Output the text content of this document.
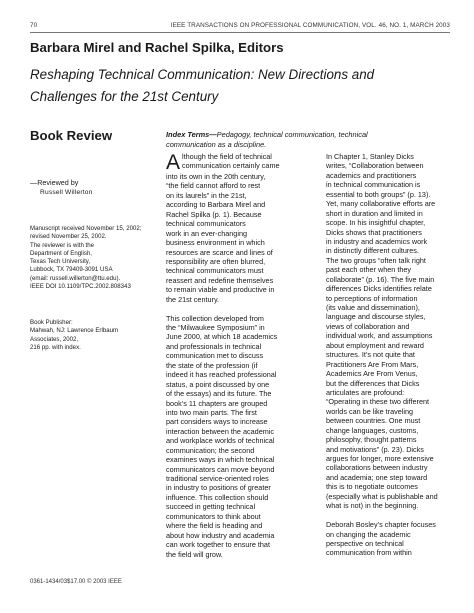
70	IEEE TRANSACTIONS ON PROFESSIONAL COMMUNICATION, VOL. 46, NO. 1, MARCH 2003
Barbara Mirel and Rachel Spilka, Editors
Reshaping Technical Communication: New Directions and
Challenges for the 21st Century
Book Review	Index Terms—Pedagogy, technical communication, technical communication as a discipline.
—Reviewed by
Russell Willerton
Manuscript received November 15, 2002;
revised November 25, 2002.
The reviewer is with the
Department of English,
Texas Tech University,
Lubbock, TX 79409-3091 USA
(email: russell.willerton@ttu.edu).
IEEE DOI 10.1109/TPC.2002.808343
Book Publisher:
Mahwah, NJ: Lawrence Erlbaum
Associates, 2002,
216 pp. with index.
A lthough the field of technical
communication certainly came
into its own in the 20th century,
“the field cannot afford to rest
on its laurels” in the 21st,
according to Barbara Mirel and
Rachel Spilka (p. 1). Because
technical communicators
work in an ever-changing
business environment in which
resources are scarce and lines of
responsibility are often blurred,
technical communicators must
reassert and redefine themselves
to remain viable and productive in
the 21st century.
This collection developed from
the “Milwaukee Symposium” in
June 2000, at which 18 academics
and professionals in technical
communication met to discuss
the state of the profession (if
indeed it has reached professional
status, a point discussed by one
of the essays) and its future. The
book’s 11 chapters are grouped
into two main parts. The first
part considers ways to increase
interaction between the academic
and workplace worlds of technical
communication; the second
examines ways in which technical
communicators can move beyond
traditional service-oriented roles
in industry to positions of greater
influence. This collection should
succeed in getting technical
communicators to think about
where the field is heading and
about how industry and academia
can work together to ensure that
the field will grow.
In Chapter 1, Stanley Dicks
writes, “Collaboration between
academics and practitioners
in technical communication is
essential to both groups” (p. 13).
Yet, many collaborative efforts are
short in duration and limited in
scope. In his insightful chapter,
Dicks shows that practitioners
in industry and academics work
in distinctly different cultures.
The two groups “often talk right
past each other when they
collaborate” (p. 16). The five main
differences Dicks identifies relate
to perceptions of information
(its value and dissemination),
language and discourse styles,
views of collaboration and
individual work, and assumptions
about employment and reward
structures. It’s not quite that
Practitioners Are From Mars,
Academics Are From Venus,
but the differences that Dicks
articulates are profound:
“Operating in these two different
worlds can be like traveling
between countries. One must
change languages, customs,
philosophy, thought patterns
and motivations” (p. 23). Dicks
argues for longer, more extensive
collaborations between industry
and academia; one step toward
this is to negotiate outcomes
(especially what is publishable and
what is not) in the beginning.
Deborah Bosley’s chapter focuses
on changing the academic
perspective on technical
communication from within
0361-1434/03$17.00 © 2003 IEEE
